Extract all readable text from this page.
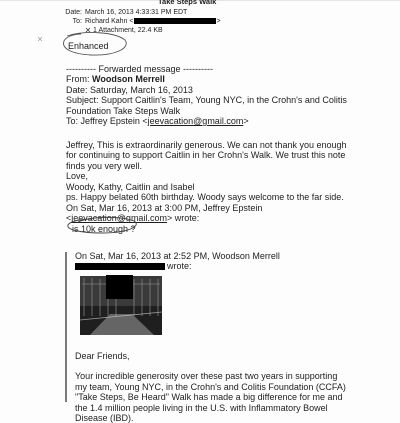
Take Steps Walk
Date: March 16, 2013 4:33:31 PM EDT
To: Richard Kahn <	>
1 Attachment, 22.4 KB
Enhanced

---------- Forwarded message ----------

From: Woodson Merrell

Date: Saturday, March 16, 2013

Subject: Support Caitlin's Team, Young NYC, in the Crohn's and Colitis

Foundation Take Steps Walk

To: Jeffrey Epstein <jeevacation@gmail.com>

Jeffrey, This is extraordinarily generous. We can not thank you enough

for continuing to support Caitlin in her Crohn's Walk. We trust this note

finds you very well.

Love,

Woody, Kathy, Caitlin and Isabel

ps. Happy belated 60th birthday. Woody says welcome to the far side.

On Sat, Mar 16, 2013 at 3:00 PM, Jeffrey Epstein

<jeevacation@gmail.com> wrote:

is 10k enough ?

On Sat, Mar 16, 2013 at 2:52 PM, Woodson Merrell

wrote:

Dear Friends,

Your incredible generosity over these past two years in supporting

my team, Young NYC, in the Crohn's and Colitis Foundation (CCFA)

"Take Steps, Be Heard" Walk has made a big difference for me and

the 1.4 million people living in the U.S. with Inflammatory Bowel

Disease (IBD).
